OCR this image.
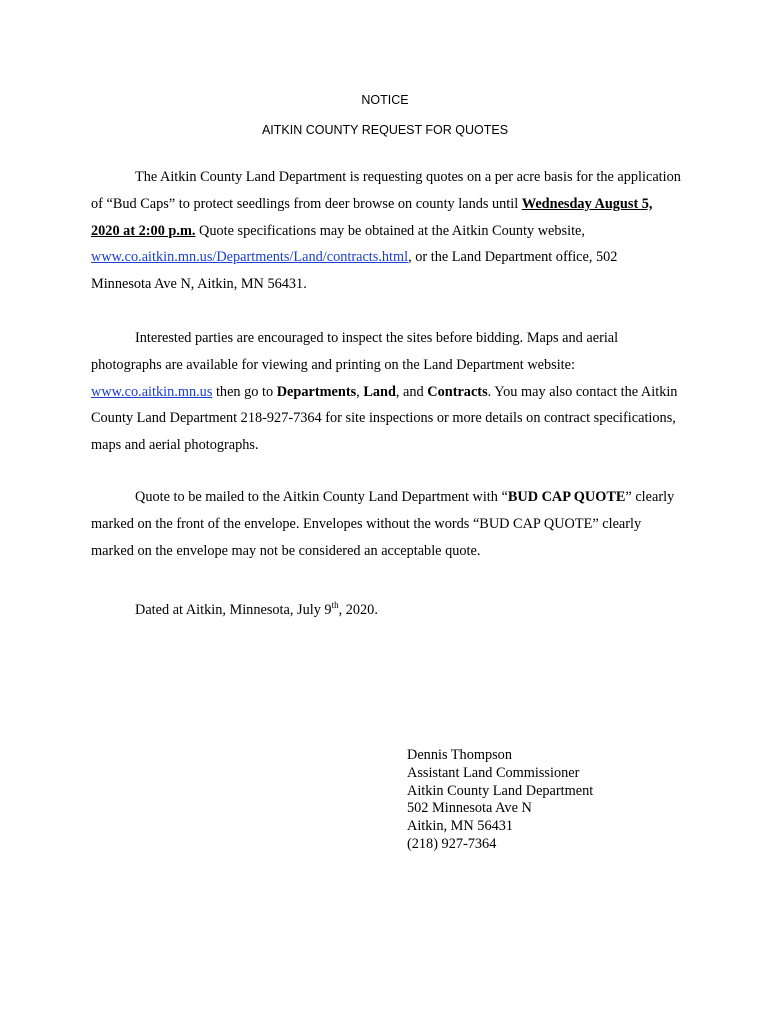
NOTICE
AITKIN COUNTY REQUEST FOR QUOTES
The Aitkin County Land Department is requesting quotes on a per acre basis for the application of “Bud Caps” to protect seedlings from deer browse on county lands until Wednesday August 5, 2020 at 2:00 p.m. Quote specifications may be obtained at the Aitkin County website, www.co.aitkin.mn.us/Departments/Land/contracts.html, or the Land Department office, 502 Minnesota Ave N, Aitkin, MN 56431.
Interested parties are encouraged to inspect the sites before bidding. Maps and aerial photographs are available for viewing and printing on the Land Department website: www.co.aitkin.mn.us then go to Departments, Land, and Contracts. You may also contact the Aitkin County Land Department 218-927-7364 for site inspections or more details on contract specifications, maps and aerial photographs.
Quote to be mailed to the Aitkin County Land Department with “BUD CAP QUOTE” clearly marked on the front of the envelope. Envelopes without the words “BUD CAP QUOTE” clearly marked on the envelope may not be considered an acceptable quote.
Dated at Aitkin, Minnesota, July 9th, 2020.
Dennis Thompson
Assistant Land Commissioner
Aitkin County Land Department
502 Minnesota Ave N
Aitkin, MN 56431
(218) 927-7364
